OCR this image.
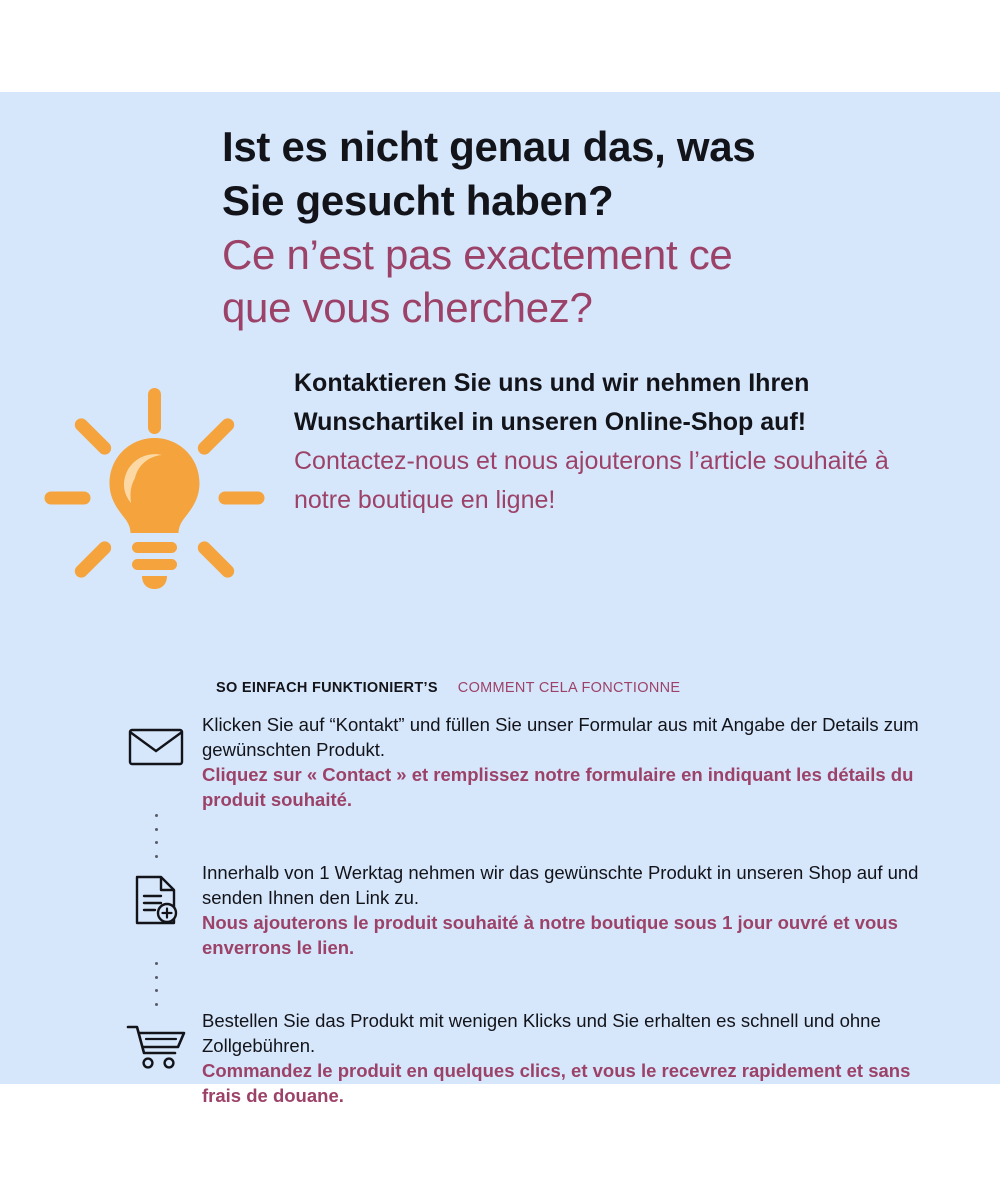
Ist es nicht genau das, was
Sie gesucht haben?
Ce n’est pas exactement ce
que vous cherchez?

Kontaktieren Sie uns und wir nehmen Ihren Wunschartikel in unseren Online-Shop auf!

Contactez-nous et nous ajouterons l’article souhaité à notre boutique en ligne!

SO EINFACH FUNKTIONIERT’S COMMENT CELA FONCTIONNE

Klicken Sie auf “Kontakt” und füllen Sie unser Formular aus mit Angabe der Details zum gewünschten Produkt.

Cliquez sur « Contact » et remplissez notre formulaire en indiquant les détails du produit souhaité.

Innerhalb von 1 Werktag nehmen wir das gewünschte Produkt in unseren Shop auf und senden Ihnen den Link zu.

Nous ajouterons le produit souhaité à notre boutique sous 1 jour ouvré et vous enverrons le lien.

Bestellen Sie das Produkt mit wenigen Klicks und Sie erhalten es schnell und ohne Zollgebühren.

Commandez le produit en quelques clics, et vous le recevrez rapidement et sans frais de douane.
